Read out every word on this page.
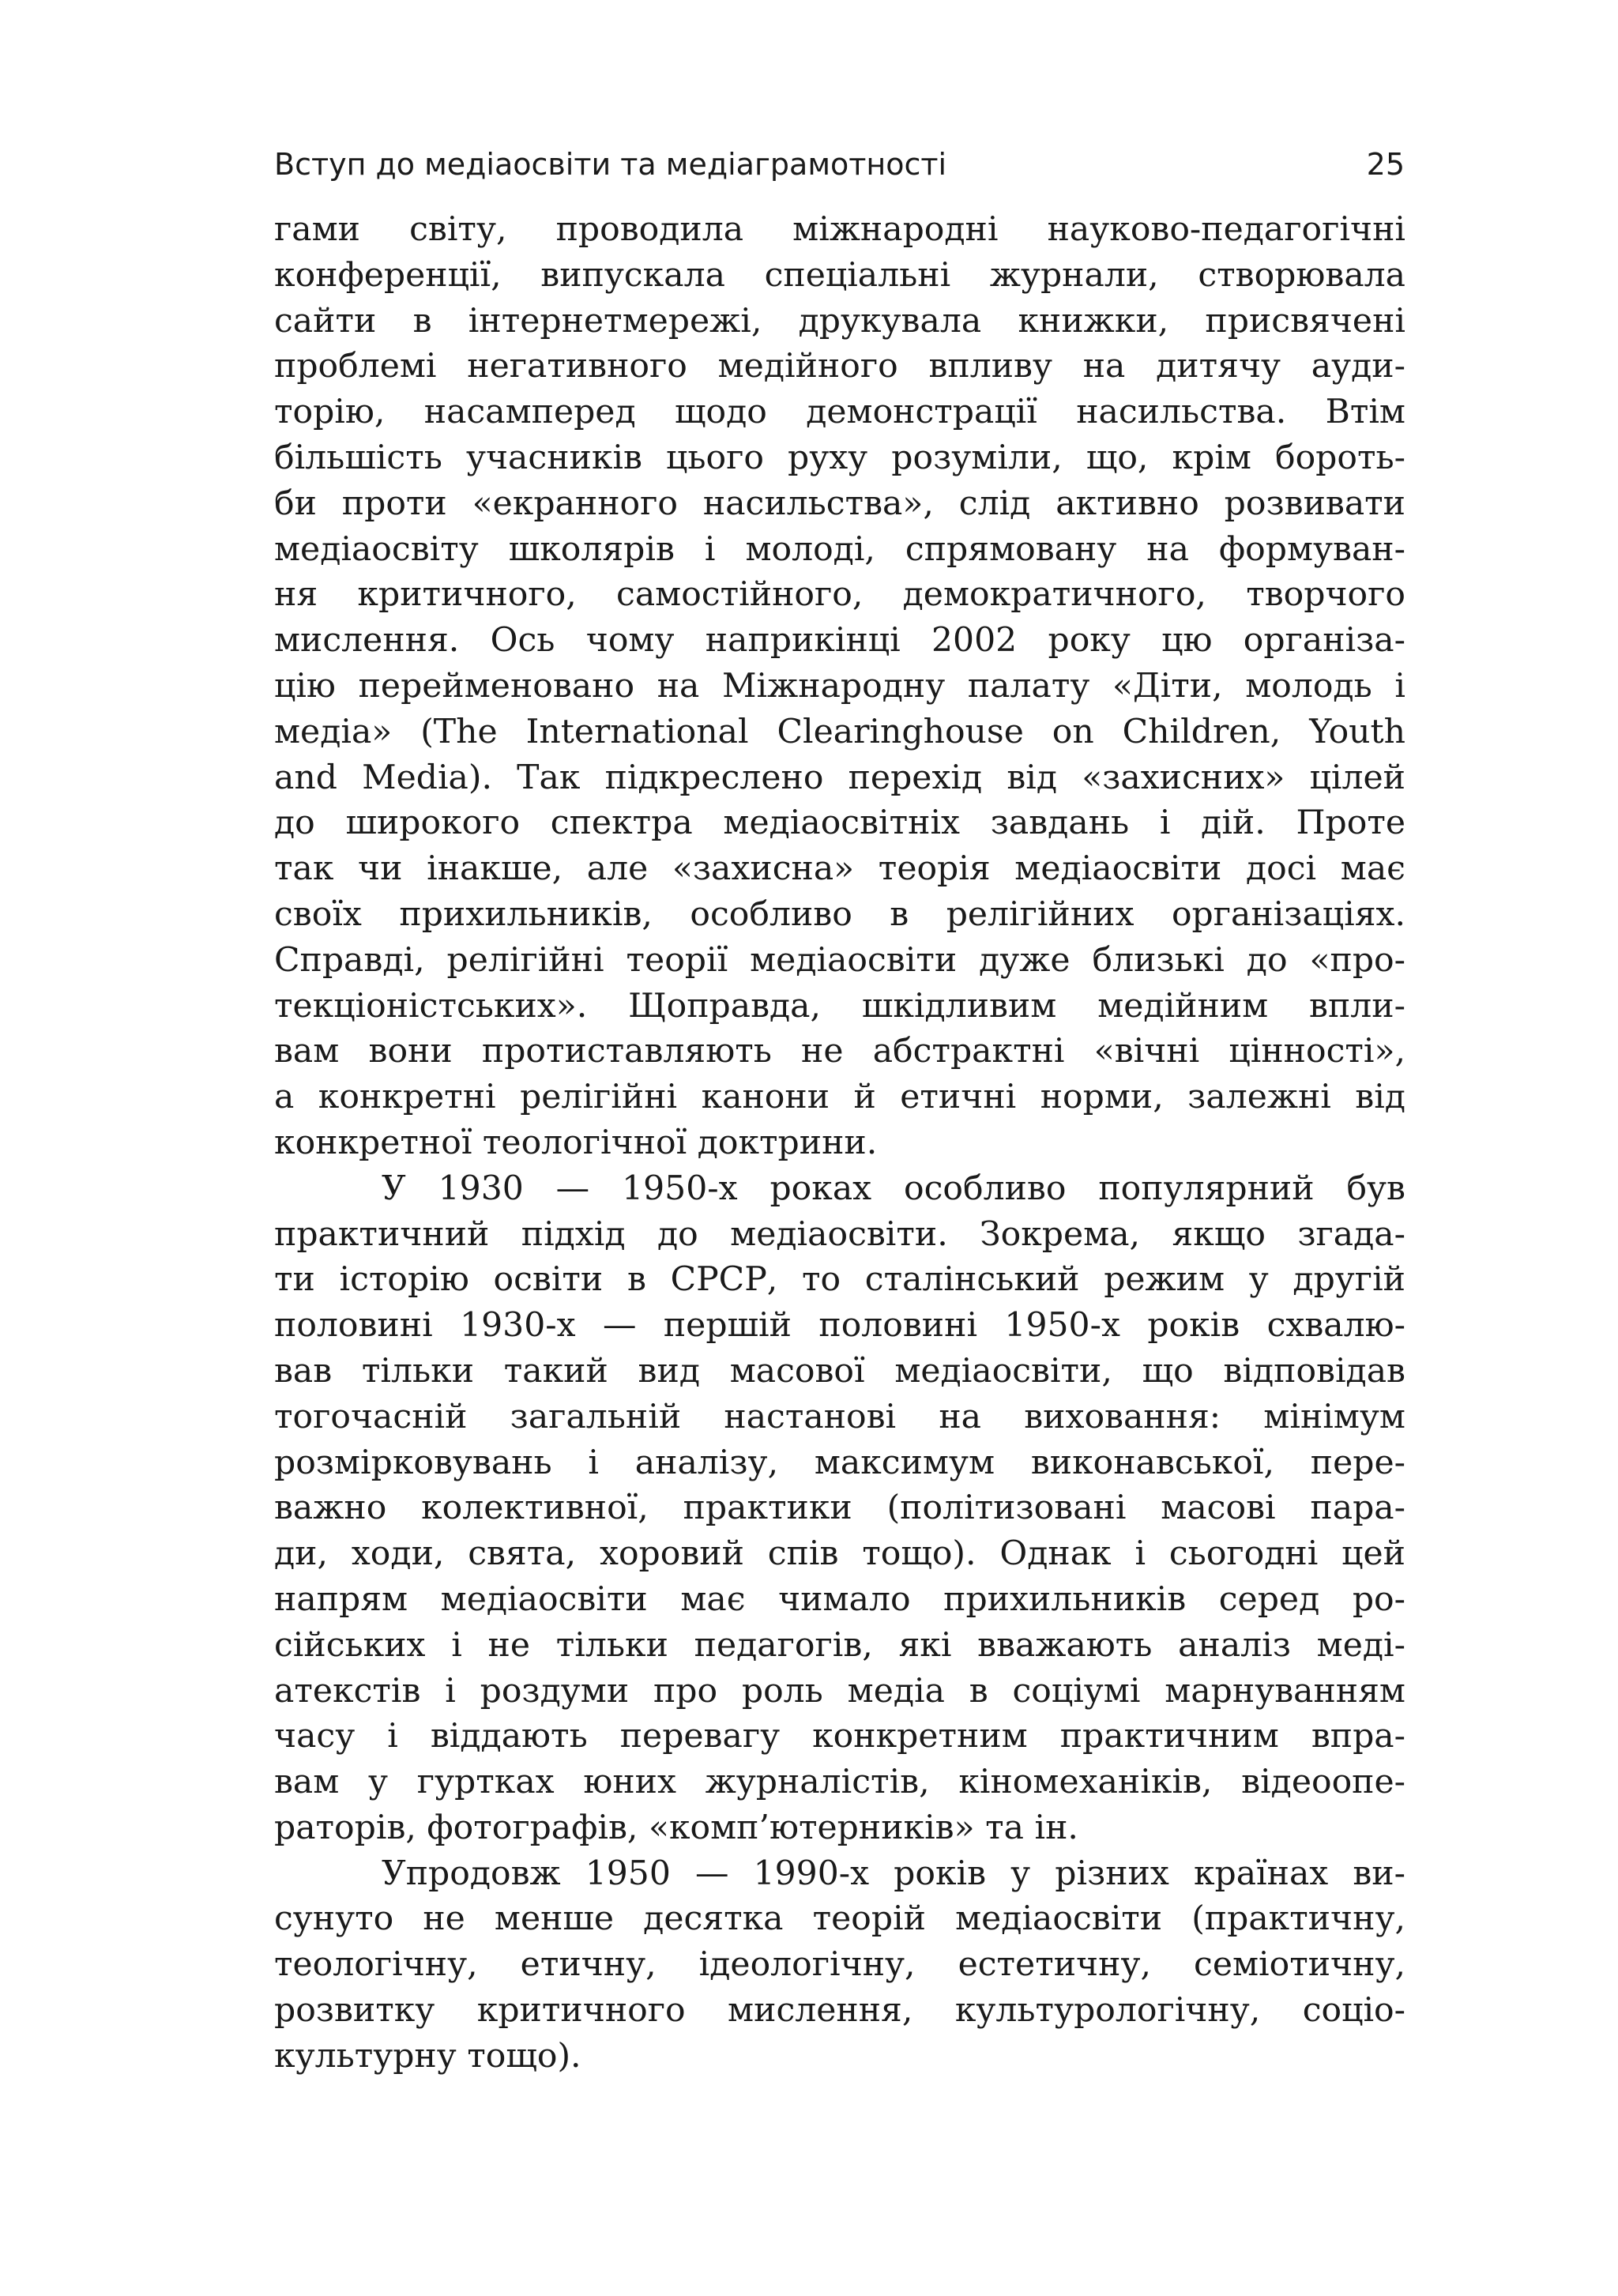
Вступ до медіаосвіти та медіаграмотності	25
гами світу, проводила міжнародні науково-педагогічні
конференції, випускала спеціальні журнали, створювала
сайти в інтернетмережі, друкувала книжки, присвячені
проблемі негативного медійного впливу на дитячу ауди-
торію, насамперед щодо демонстрації насильства. Втім
більшість учасників цього руху розуміли, що, крім бороть-
би проти «екранного насильства», слід активно розвивати
медіаосвіту школярів і молоді, спрямовану на формуван-
ня критичного, самостійного, демократичного, творчого
мислення. Ось чому наприкінці 2002 року цю організа-
цію перейменовано на Міжнародну палату «Діти, молодь і
медіа» (The International Clearinghouse on Children, Youth
and Media). Так підкреслено перехід від «захисних» цілей
до широкого спектра медіаосвітніх завдань і дій. Проте
так чи інакше, але «захисна» теорія медіаосвіти досі має
своїх прихильників, особливо в релігійних організаціях.
Справді, релігійні теорії медіаосвіти дуже близькі до «про-
текціоністських». Щоправда, шкідливим медійним впли-
вам вони протиставляють не абстрактні «вічні цінності»,
а конкретні релігійні канони й етичні норми, залежні від
конкретної теологічної доктрини.
У 1930 — 1950-х роках особливо популярний був
практичний підхід до медіаосвіти. Зокрема, якщо згада-
ти історію освіти в СРСР, то сталінський режим у другій
половині 1930-х — першій половині 1950-х років схвалю-
вав тільки такий вид масової медіаосвіти, що відповідав
тогочасній загальній настанові на виховання: мінімум
розмірковувань і аналізу, максимум виконавської, пере-
важно колективної, практики (політизовані масові пара-
ди, ходи, свята, хоровий спів тощо). Однак і сьогодні цей
напрям медіаосвіти має чимало прихильників серед ро-
сійських і не тільки педагогів, які вважають аналіз меді-
атекстів і роздуми про роль медіа в соціумі марнуванням
часу і віддають перевагу конкретним практичним впра-
вам у гуртках юних журналістів, кіномеханіків, відеоопе-
раторів, фотографів, «комп’ютерників» та ін.
Упродовж 1950 — 1990-х років у різних країнах ви-
сунуто не менше десятка теорій медіаосвіти (практичну,
теологічну, етичну, ідеологічну, естетичну, семіотичну,
розвитку критичного мислення, культурологічну, соціо-
культурну тощо).
